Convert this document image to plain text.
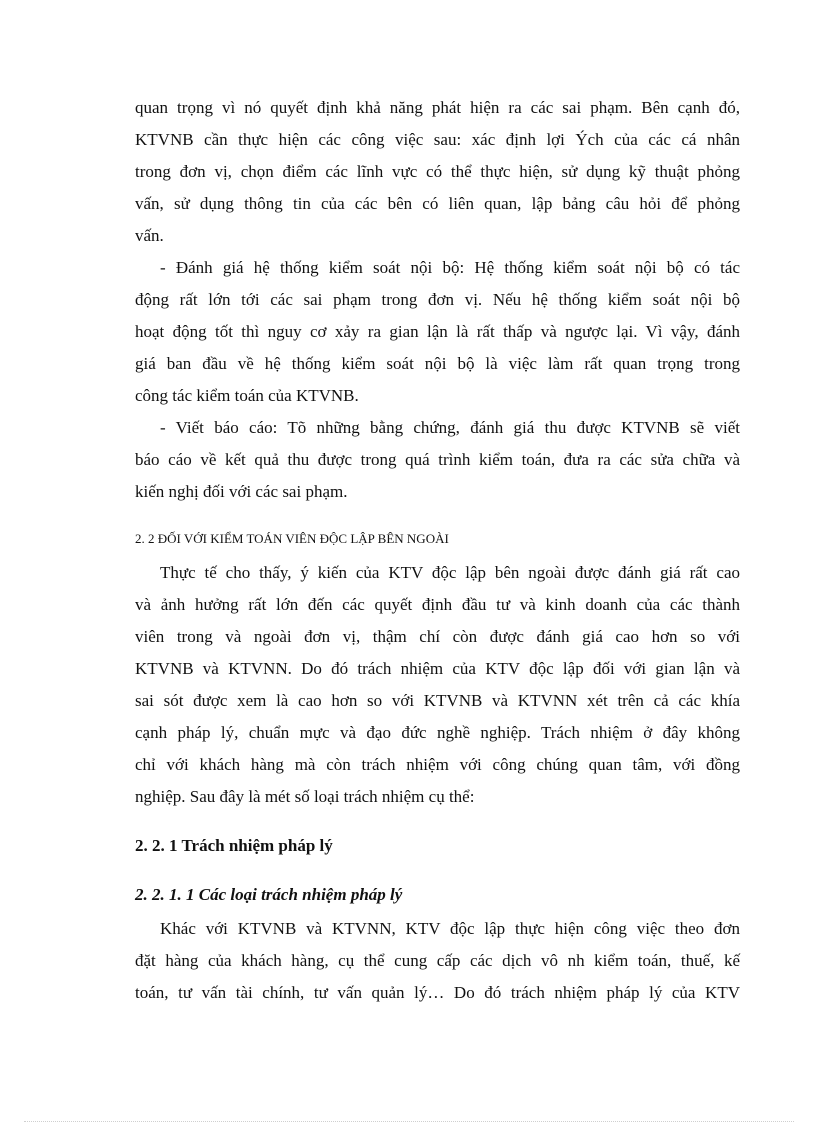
quan trọng vì nó quyết định khả năng phát hiện ra các sai phạm. Bên cạnh đó,
KTVNB cần thực hiện các công việc sau: xác định lợi Ých của các cá nhân
trong đơn vị, chọn điểm các lĩnh vực có thể thực hiện, sử dụng kỹ thuật phỏng
vấn, sử dụng thông tin của các bên có liên quan, lập bảng câu hỏi để phỏng
vấn.
- Đánh giá hệ thống kiểm soát nội bộ: Hệ thống kiểm soát nội bộ có tác
động rất lớn tới các sai phạm trong đơn vị. Nếu hệ thống kiểm soát nội bộ
hoạt động tốt thì nguy cơ xảy ra gian lận là rất thấp và ngược lại. Vì vậy, đánh
giá ban đầu về hệ thống kiểm soát nội bộ là việc làm rất quan trọng trong
công tác kiểm toán của KTVNB.
- Viết báo cáo: Tõ những bằng chứng, đánh giá thu được KTVNB sẽ viết
báo cáo về kết quả thu được trong quá trình kiểm toán, đưa ra các sửa chữa và
kiến nghị đối với các sai phạm.
2. 2 ĐỐI VỚI KIỂM TOÁN VIÊN ĐỘC LẬP BÊN NGOÀI
Thực tế cho thấy, ý kiến của KTV độc lập bên ngoài được đánh giá rất cao
và ảnh hưởng rất lớn đến các quyết định đầu tư và kinh doanh của các thành
viên trong và ngoài đơn vị, thậm chí còn được đánh giá cao hơn so với
KTVNB và KTVNN. Do đó trách nhiệm của KTV độc lập đối với gian lận và
sai sót được xem là cao hơn so với KTVNB và KTVNN xét trên cả các khía
cạnh pháp lý, chuẩn mực và đạo đức nghề nghiệp. Trách nhiệm ở đây không
chỉ với khách hàng mà còn trách nhiệm với công chúng quan tâm, với đồng
nghiệp. Sau đây là mét số loại trách nhiệm cụ thể:
2. 2. 1 Trách nhiệm pháp lý
2. 2. 1. 1 Các loại trách nhiệm pháp lý
Khác với KTVNB và KTVNN, KTV độc lập thực hiện công việc theo đơn
đặt hàng của khách hàng, cụ thể cung cấp các dịch vô nh kiểm toán, thuế, kế
toán, tư vấn tài chính, tư vấn quản lý… Do đó trách nhiệm pháp lý của KTV
